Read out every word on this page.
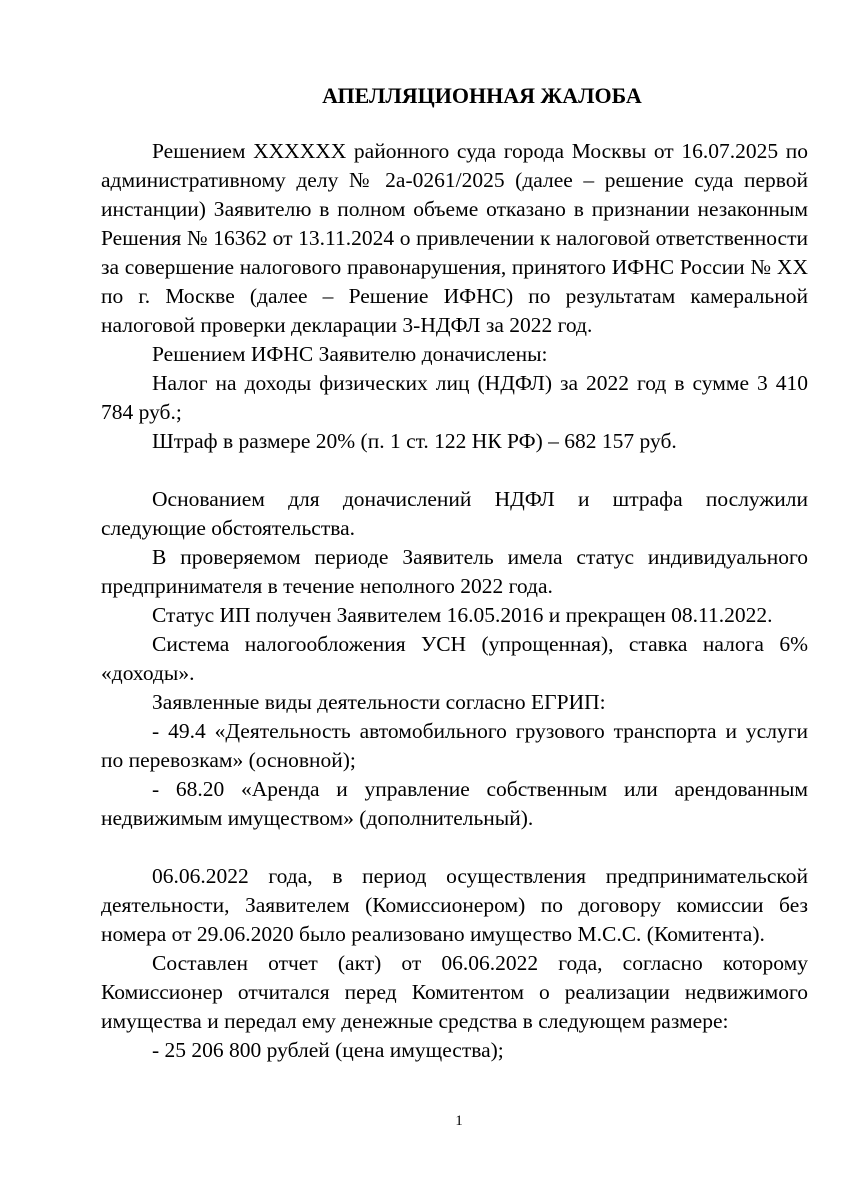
АПЕЛЛЯЦИОННАЯ ЖАЛОБА

Решением XXXXXX районного суда города Москвы от 16.07.2025 по административному делу № 2а-0261/2025 (далее – решение суда первой инстанции) Заявителю в полном объеме отказано в признании незаконным Решения № 16362 от 13.11.2024 о привлечении к налоговой ответственности за совершение налогового правонарушения, принятого ИФНС России № XX по г. Москве (далее – Решение ИФНС) по результатам камеральной налоговой проверки декларации 3-НДФЛ за 2022 год.

Решением ИФНС Заявителю доначислены:

Налог на доходы физических лиц (НДФЛ) за 2022 год в сумме 3 410 784 руб.;

Штраф в размере 20% (п. 1 ст. 122 НК РФ) – 682 157 руб.

Основанием для доначислений НДФЛ и штрафа послужили следующие обстоятельства.

В проверяемом периоде Заявитель имела статус индивидуального предпринимателя в течение неполного 2022 года.

Статус ИП получен Заявителем 16.05.2016 и прекращен 08.11.2022.

Система налогообложения УСН (упрощенная), ставка налога 6% «доходы».

Заявленные виды деятельности согласно ЕГРИП:

- 49.4 «Деятельность автомобильного грузового транспорта и услуги по перевозкам» (основной);

- 68.20 «Аренда и управление собственным или арендованным недвижимым имуществом» (дополнительный).

06.06.2022 года, в период осуществления предпринимательской деятельности, Заявителем (Комиссионером) по договору комиссии без номера от 29.06.2020 было реализовано имущество М.С.С. (Комитента).

Составлен отчет (акт) от 06.06.2022 года, согласно которому Комиссионер отчитался перед Комитентом о реализации недвижимого имущества и передал ему денежные средства в следующем размере:

- 25 206 800 рублей (цена имущества);

1
